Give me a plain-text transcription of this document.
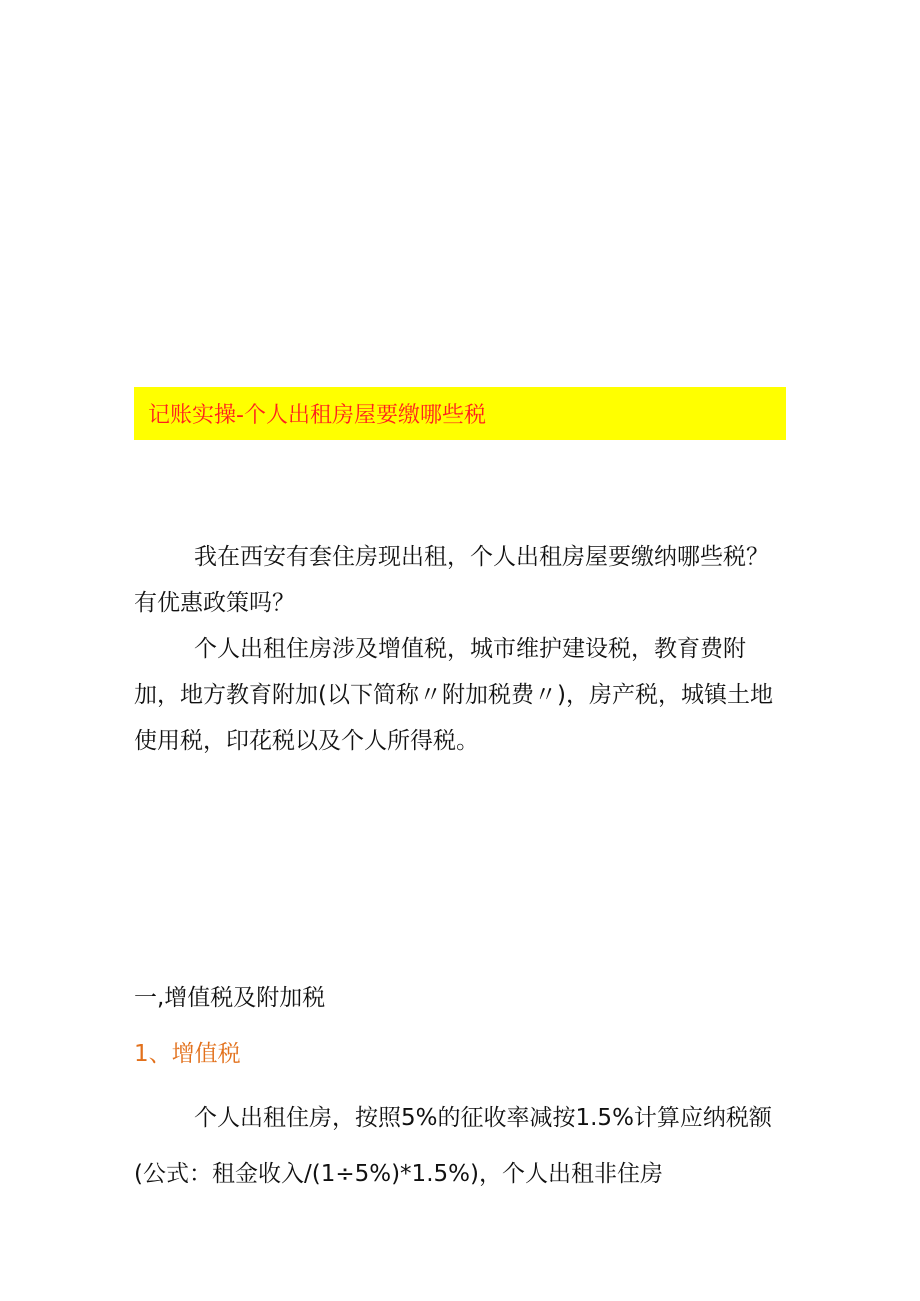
记账实操-个人出租房屋要缴哪些税

我在西安有套住房现出租，个人出租房屋要缴纳哪些税？有优惠政策吗？

个人出租住房涉及增值税，城市维护建设税，教育费附加，地方教育附加(以下简称〃附加税费〃)，房产税，城镇土地使用税，印花税以及个人所得税。

一,增值税及附加税
1、增值税

个人出租住房，按照5%的征收率减按1.5%计算应纳税额(公式：租金收入/(1÷5%)*1.5%)，个人出租非住房
